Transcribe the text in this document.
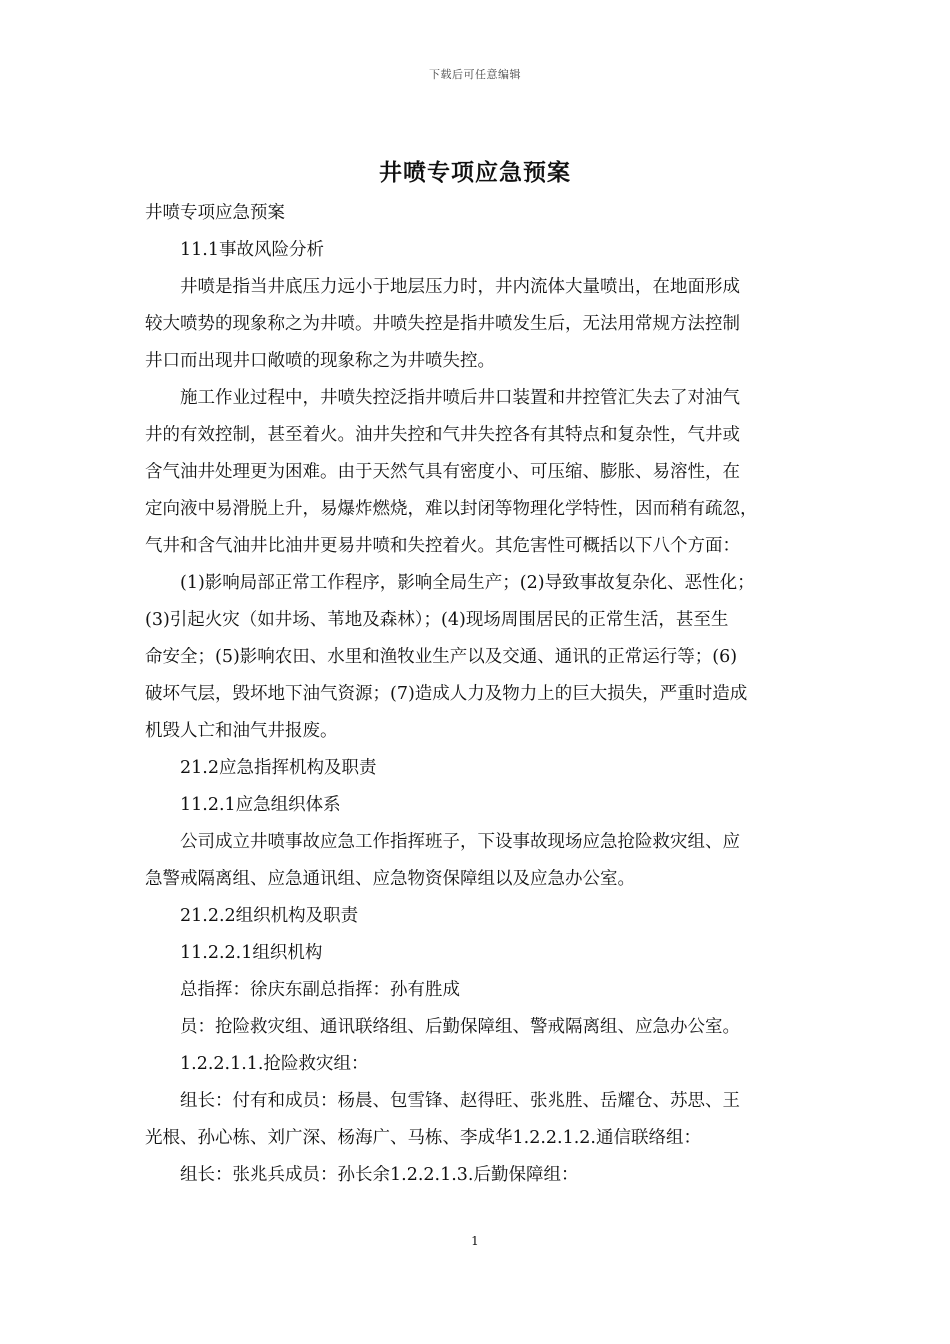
下载后可任意编辑
井喷专项应急预案
井喷专项应急预案
11.1事故风险分析
井喷是指当井底压力远小于地层压力时，井内流体大量喷出，在地面形成
较大喷势的现象称之为井喷。井喷失控是指井喷发生后，无法用常规方法控制
井口而出现井口敞喷的现象称之为井喷失控。
施工作业过程中，井喷失控泛指井喷后井口装置和井控管汇失去了对油气
井的有效控制，甚至着火。油井失控和气井失控各有其特点和复杂性，气井或
含气油井处理更为困难。由于天然气具有密度小、可压缩、膨胀、易溶性，在
定向液中易滑脱上升，易爆炸燃烧，难以封闭等物理化学特性，因而稍有疏忽，
气井和含气油井比油井更易井喷和失控着火。其危害性可概括以下八个方面：
(1)影响局部正常工作程序，影响全局生产；(2)导致事故复杂化、恶性化；
(3)引起火灾（如井场、苇地及森林）；(4)现场周围居民的正常生活，甚至生
命安全；(5)影响农田、水里和渔牧业生产以及交通、通讯的正常运行等；(6)
破坏气层，毁坏地下油气资源；(7)造成人力及物力上的巨大损失，严重时造成
机毁人亡和油气井报废。
21.2应急指挥机构及职责
11.2.1应急组织体系
公司成立井喷事故应急工作指挥班子，下设事故现场应急抢险救灾组、应
急警戒隔离组、应急通讯组、应急物资保障组以及应急办公室。
21.2.2组织机构及职责
11.2.2.1组织机构
总指挥：徐庆东副总指挥：孙有胜成
员：抢险救灾组、通讯联络组、后勤保障组、警戒隔离组、应急办公室。
1.2.2.1.1.抢险救灾组：
组长：付有和成员：杨晨、包雪锋、赵得旺、张兆胜、岳耀仓、苏思、王
光根、孙心栋、刘广深、杨海广、马栋、李成华1.2.2.1.2.通信联络组：
组长：张兆兵成员：孙长余1.2.2.1.3.后勤保障组：
1
